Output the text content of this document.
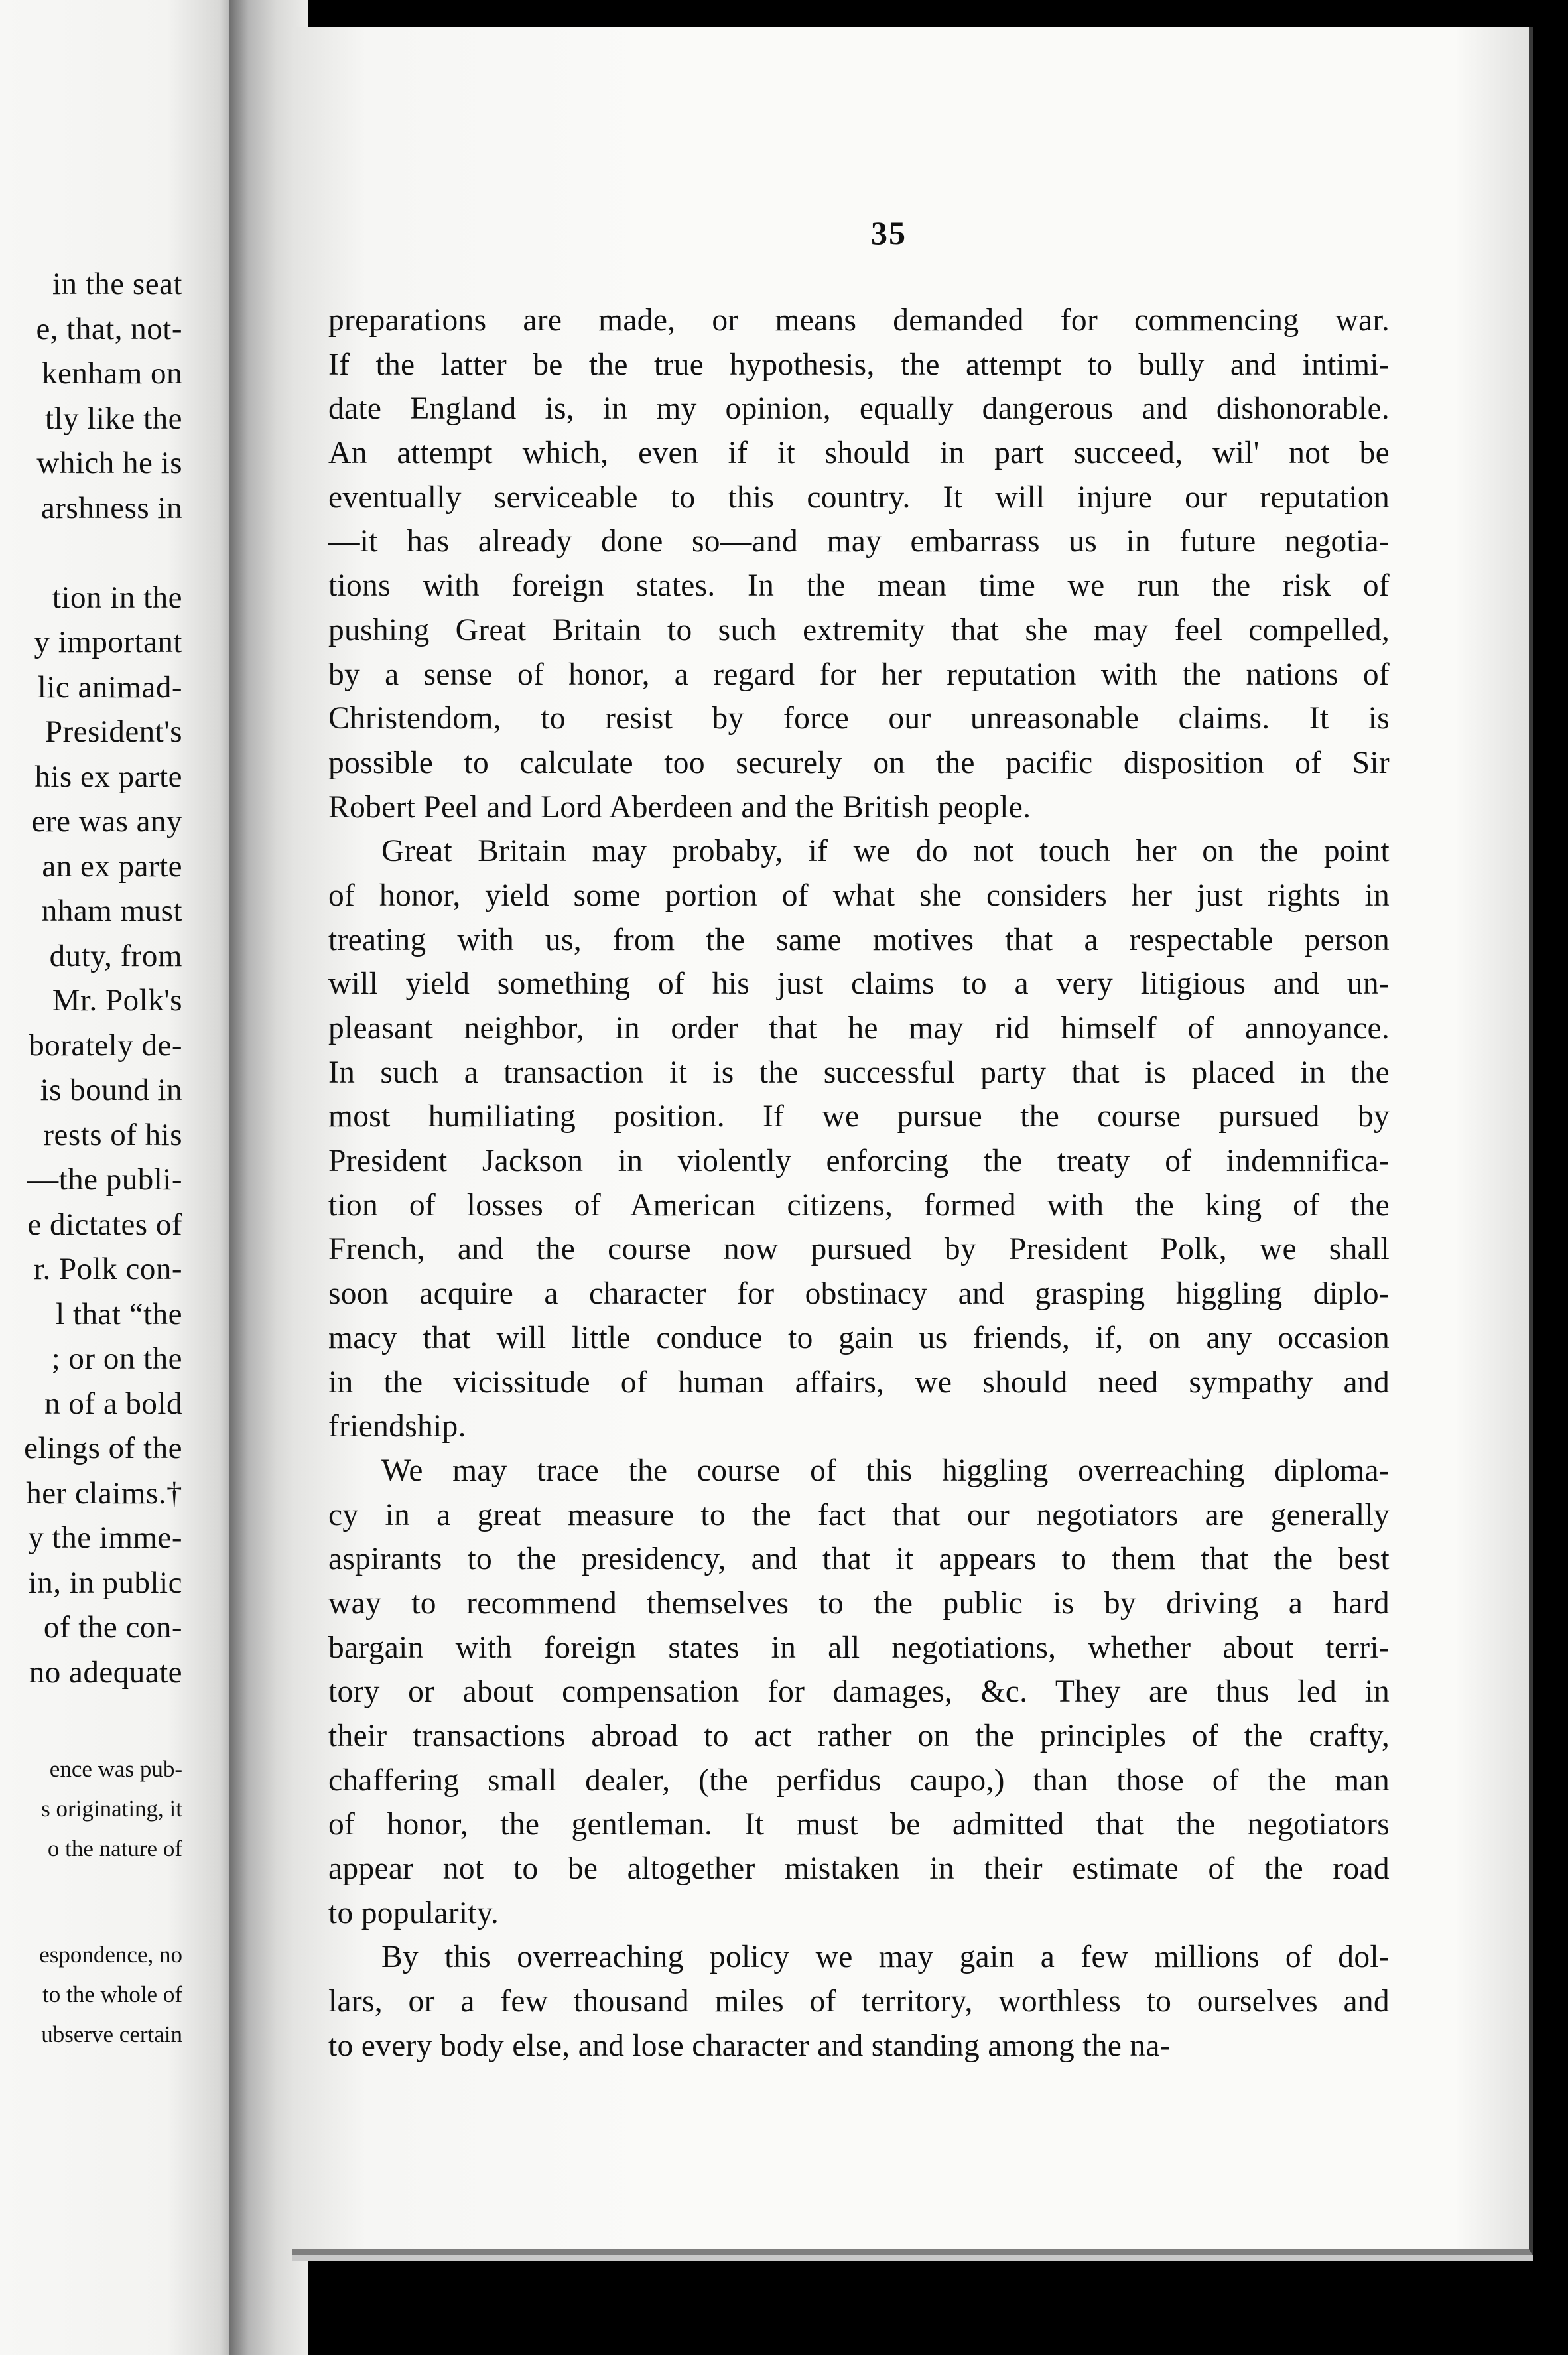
in the seat
e, that, not-
kenham on
tly like the
which he is
arshness in
tion in the
y important
lic animad-
President's
his ex parte
ere was any
an ex parte
nham must
duty, from
Mr. Polk's
borately de-
is bound in
rests of his
—the publi-
e dictates of
r. Polk con-
l that “the
; or on the
n of a bold
elings of the
her claims.†
y the imme-
in, in public
of the con-
no adequate
ence was pub-
s originating, it
o the nature of
espondence, no
to the whole of
ubserve certain
35
preparations are made, or means demanded for commencing war.
If the latter be the true hypothesis, the attempt to bully and intimi-
date England is, in my opinion, equally dangerous and dishonorable.
An attempt which, even if it should in part succeed, wil' not be
eventually serviceable to this country. It will injure our reputation
—it has already done so—and may embarrass us in future negotia-
tions with foreign states. In the mean time we run the risk of
pushing Great Britain to such extremity that she may feel compelled,
by a sense of honor, a regard for her reputation with the nations of
Christendom, to resist by force our unreasonable claims. It is
possible to calculate too securely on the pacific disposition of Sir
Robert Peel and Lord Aberdeen and the British people.
Great Britain may probaby, if we do not touch her on the point
of honor, yield some portion of what she considers her just rights in
treating with us, from the same motives that a respectable person
will yield something of his just claims to a very litigious and un-
pleasant neighbor, in order that he may rid himself of annoyance.
In such a transaction it is the successful party that is placed in the
most humiliating position. If we pursue the course pursued by
President Jackson in violently enforcing the treaty of indemnifica-
tion of losses of American citizens, formed with the king of the
French, and the course now pursued by President Polk, we shall
soon acquire a character for obstinacy and grasping higgling diplo-
macy that will little conduce to gain us friends, if, on any occasion
in the vicissitude of human affairs, we should need sympathy and
friendship.
We may trace the course of this higgling overreaching diploma-
cy in a great measure to the fact that our negotiators are generally
aspirants to the presidency, and that it appears to them that the best
way to recommend themselves to the public is by driving a hard
bargain with foreign states in all negotiations, whether about terri-
tory or about compensation for damages, &c. They are thus led in
their transactions abroad to act rather on the principles of the crafty,
chaffering small dealer, (the perfidus caupo,) than those of the man
of honor, the gentleman. It must be admitted that the negotiators
appear not to be altogether mistaken in their estimate of the road
to popularity.
By this overreaching policy we may gain a few millions of dol-
lars, or a few thousand miles of territory, worthless to ourselves and
to every body else, and lose character and standing among the na-
